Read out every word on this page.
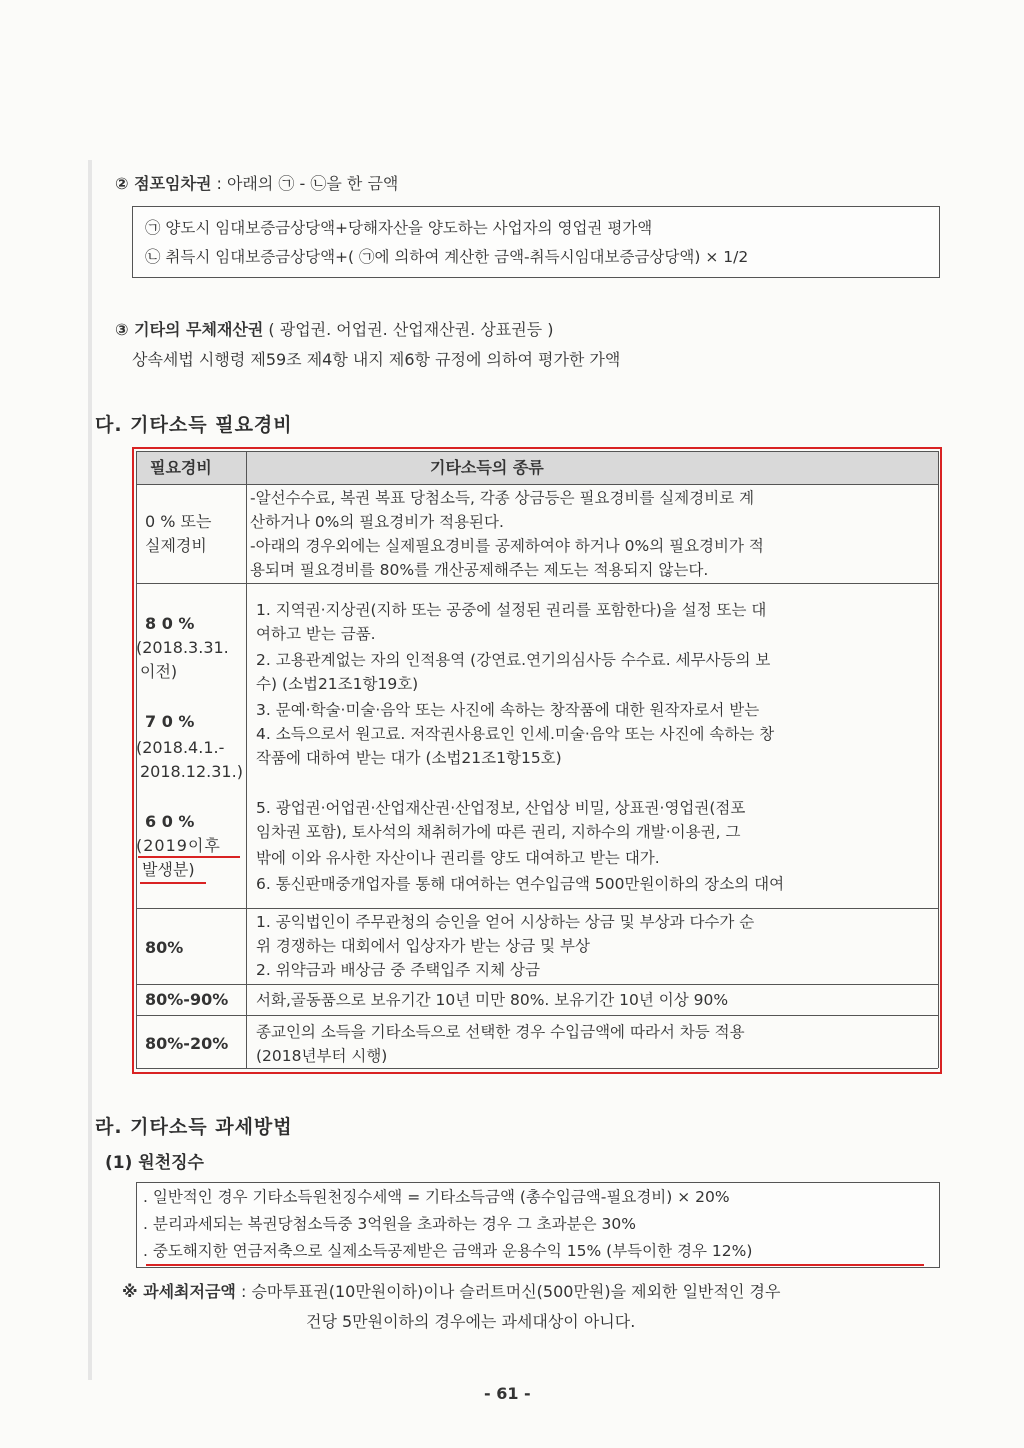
② 점포임차권 : 아래의 ㉠ - ㉡을 한 금액
㉠ 양도시 임대보증금상당액+당해자산을 양도하는 사업자의 영업권 평가액
㉡ 취득시 임대보증금상당액+( ㉠에 의하여 계산한 금액-취득시임대보증금상당액) × 1/2
③ 기타의 무체재산권 ( 광업권. 어업권. 산업재산권. 상표권등 )
상속세법 시행령 제59조 제4항 내지 제6항 규정에 의하여 평가한 가액
다. 기타소득 필요경비
필요경비	기타소득의 종류
0 % 또는
실제경비
-알선수수료, 복권 복표 당첨소득, 각종 상금등은 필요경비를 실제경비로 계
산하거나 0%의 필요경비가 적용된다.
-아래의 경우외에는 실제필요경비를 공제하여야 하거나 0%의 필요경비가 적
용되며 필요경비를 80%를 개산공제해주는 제도는 적용되지 않는다.
8 0 %
(2018.3.31.
이전)
7 0 %
(2018.4.1.-
2018.12.31.)
6 0 %
(2019이후
발생분)
1. 지역권·지상권(지하 또는 공중에 설정된 권리를 포함한다)을 설정 또는 대
여하고 받는 금품.
2. 고용관계없는 자의 인적용역 (강연료.연기의심사등 수수료. 세무사등의 보
수) (소법21조1항19호)
3. 문예·학술·미술·음악 또는 사진에 속하는 창작품에 대한 원작자로서 받는
4. 소득으로서 원고료. 저작권사용료인 인세.미술·음악 또는 사진에 속하는 창
작품에 대하여 받는 대가 (소법21조1항15호)
5. 광업권·어업권·산업재산권·산업정보, 산업상 비밀, 상표권·영업권(점포
임차권 포함), 토사석의 채취허가에 따른 권리, 지하수의 개발·이용권, 그
밖에 이와 유사한 자산이나 권리를 양도 대여하고 받는 대가.
6. 통신판매중개업자를 통해 대여하는 연수입금액 500만원이하의 장소의 대여
80%
1. 공익법인이 주무관청의 승인을 얻어 시상하는 상금 및 부상과 다수가 순
위 경쟁하는 대회에서 입상자가 받는 상금 및 부상
2. 위약금과 배상금 중 주택입주 지체 상금
80%-90% 서화,골동품으로 보유기간 10년 미만 80%. 보유기간 10년 이상 90%
80%-20%
종교인의 소득을 기타소득으로 선택한 경우 수입금액에 따라서 차등 적용
(2018년부터 시행)
라. 기타소득 과세방법
(1) 원천징수
. 일반적인 경우 기타소득원천징수세액 = 기타소득금액 (총수입금액-필요경비) × 20%
. 분리과세되는 복권당첨소득중 3억원을 초과하는 경우 그 초과분은 30%
. 중도해지한 연금저축으로 실제소득공제받은 금액과 운용수익 15% (부득이한 경우 12%)
※ 과세최저금액 : 승마투표권(10만원이하)이나 슬러트머신(500만원)을 제외한 일반적인 경우
건당 5만원이하의 경우에는 과세대상이 아니다.
- 61 -
